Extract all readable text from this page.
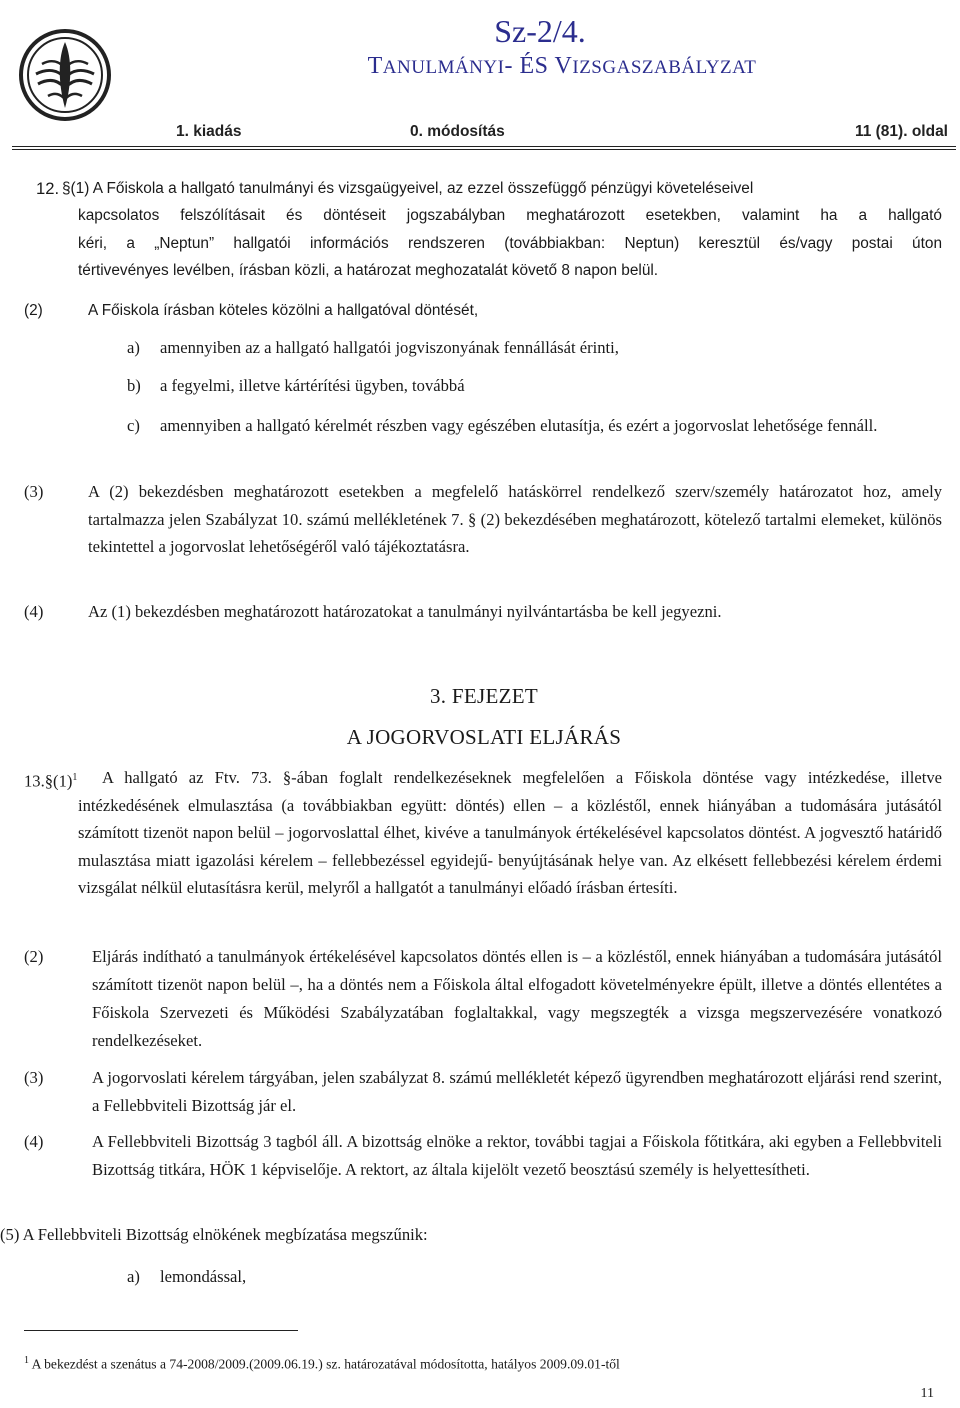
Sz-2/4.
TANULMÁNYI- ÉS VIZSGASZABÁLYZAT
1. kiadás	0. módosítás	11 (81). oldal
12. §(1) A Főiskola a hallgató tanulmányi és vizsgaügyeivel, az ezzel összefüggő pénzügyi követeléseivel
kapcsolatos felszólításait és döntéseit jogszabályban meghatározott esetekben, valamint ha a hallgató
kéri, a „Neptun” hallgatói információs rendszeren (továbbiakban: Neptun) keresztül és/vagy postai úton
tértivevényes levélben, írásban közli, a határozat meghozatalát követő 8 napon belül.
(2)	A Főiskola írásban köteles közölni a hallgatóval döntését,
a) amennyiben az a hallgató hallgatói jogviszonyának fennállását érinti,
b) a fegyelmi, illetve kártérítési ügyben, továbbá
c) amennyiben a hallgató kérelmét részben vagy egészében elutasítja, és ezért a jogorvoslat lehetősége fennáll.
(3)	A (2) bekezdésben meghatározott esetekben a megfelelő hatáskörrel rendelkező szerv/személy határozatot hoz, amely tartalmazza jelen Szabályzat 10. számú mellékletének 7. § (2) bekezdésében meghatározott, kötelező tartalmi elemeket, különös tekintettel a jogorvoslat lehetőségéről való tájékoztatásra.
(4)	Az (1) bekezdésben meghatározott határozatokat a tanulmányi nyilvántartásba be kell jegyezni.
3. FEJEZET
A JOGORVOSLATI ELJÁRÁS
$13.\S(1)^1$	A hallgató az Ftv. 73. §-ában foglalt rendelkezéseknek megfelelően a Főiskola döntése vagy intézkedése, illetve intézkedésének elmulasztása (a továbbiakban együtt: döntés) ellen – a közléstől, ennek hiányában a tudomására jutásától számított tizenöt napon belül – jogorvoslattal élhet, kivéve a tanulmányok értékelésével kapcsolatos döntést. A jogvesztő határidő mulasztása miatt igazolási kérelem – fellebbezéssel egyidejű- benyújtásának helye van. Az elkésett fellebbezési kérelem érdemi vizsgálat nélkül elutasításra kerül, melyről a hallgatót a tanulmányi előadó írásban értesíti.
(2)	Eljárás indítható a tanulmányok értékelésével kapcsolatos döntés ellen is – a közléstől, ennek hiányában a tudomására jutásától számított tizenöt napon belül –, ha a döntés nem a Főiskola által elfogadott követelményekre épült, illetve a döntés ellentétes a Főiskola Szervezeti és Működési Szabályzatában foglaltakkal, vagy megszegték a vizsga megszervezésére vonatkozó rendelkezéseket.
(3)	A jogorvoslati kérelem tárgyában, jelen szabályzat 8. számú mellékletét képező ügyrendben meghatározott eljárási rend szerint, a Fellebbviteli Bizottság jár el.
(4)	A Fellebbviteli Bizottság 3 tagból áll. A bizottság elnöke a rektor, további tagjai a Főiskola főtitkára, aki egyben a Fellebbviteli Bizottság titkára, HÖK 1 képviselője. A rektort, az általa kijelölt vezető beosztású személy is helyettesítheti.
(5) A Fellebbviteli Bizottság elnökének megbízatása megszűnik:
a) lemondással,
$^1$ A bekezdést a szenátus a 74-2008/2009.(2009.06.19.) sz. határozatával módosította, hatályos 2009.09.01-től
11
